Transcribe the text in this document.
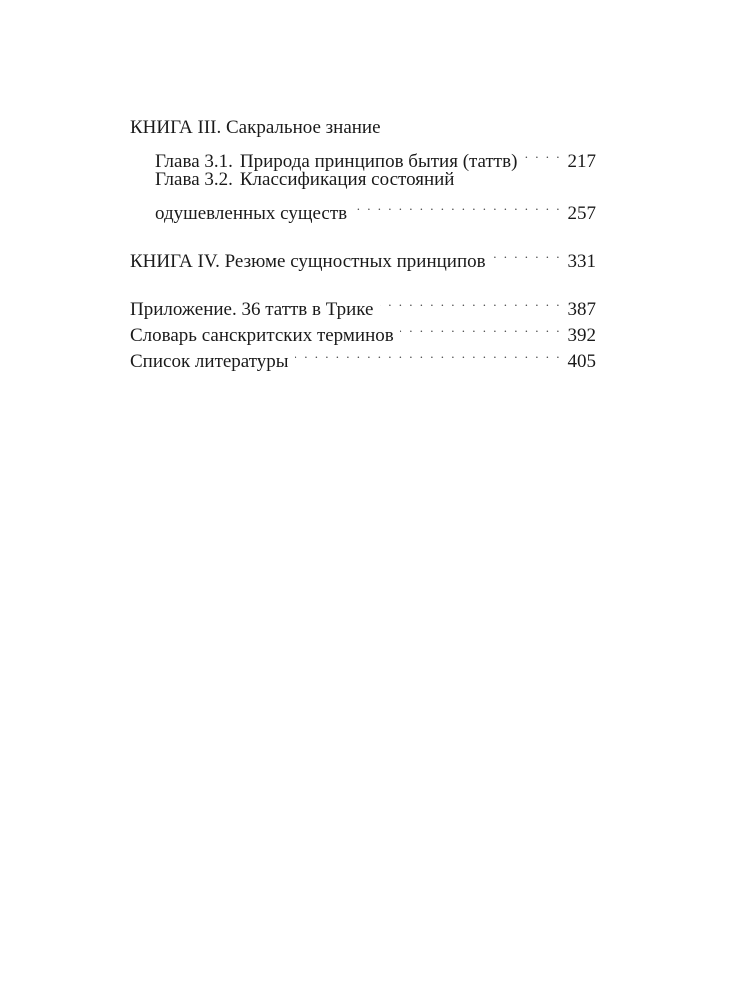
КНИГА III. Сакральное знание
Глава 3.1. Природа принципов бытия (таттв) . . .	217
Глава 3.2. Классификация состояний
одушевленных существ . . .	257
КНИГА IV. Резюме сущностных принципов . . .	331
Приложение. 36 таттв в Трике . . .	387
Словарь санскритских терминов . . .	392
Список литературы . . .	405
